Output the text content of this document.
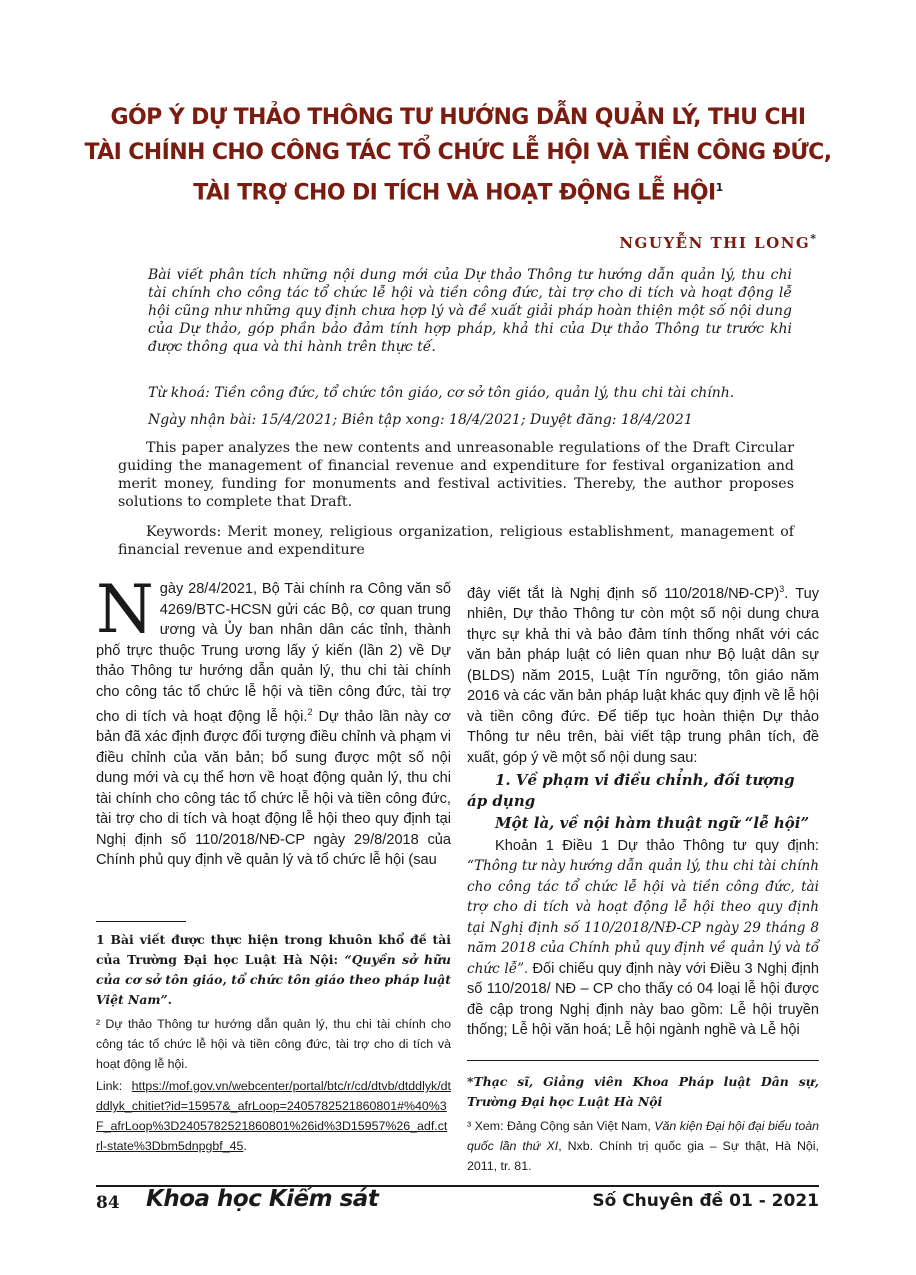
GÓP Ý DỰ THẢO THÔNG TƯ HƯỚNG DẪN QUẢN LÝ, THU CHI
TÀI CHÍNH CHO CÔNG TÁC TỔ CHỨC LỄ HỘI VÀ TIỀN CÔNG ĐỨC,
TÀI TRỢ CHO DI TÍCH VÀ HOẠT ĐỘNG LỄ HỘI$^1$
NGUYỄN THI LONG*

Bài viết phân tích những nội dung mới của Dự thảo Thông tư hướng dẫn quản lý, thu chi tài chính cho công tác tổ chức lễ hội và tiền công đức, tài trợ cho di tích và hoạt động lễ hội cũng như những quy định chưa hợp lý và đề xuất giải pháp hoàn thiện một số nội dung của Dự thảo, góp phần bảo đảm tính hợp pháp, khả thi của Dự thảo Thông tư trước khi được thông qua và thi hành trên thực tế.

Từ khoá: Tiền công đức, tổ chức tôn giáo, cơ sở tôn giáo, quản lý, thu chi tài chính.

Ngày nhận bài: 15/4/2021; Biên tập xong: 18/4/2021; Duyệt đăng: 18/4/2021

This paper analyzes the new contents and unreasonable regulations of the Draft Circular guiding the management of financial revenue and expenditure for festival organization and merit money, funding for monuments and festival activities. Thereby, the author proposes solutions to complete that Draft.

Keywords: Merit money, religious organization, religious establishment, management of financial revenue and expenditure

Ngày 28/4/2021, Bộ Tài chính ra Công văn số 4269/BTC-HCSN gửi các Bộ, cơ quan trung ương và Ủy ban nhân dân các tỉnh, thành phố trực thuộc Trung ương lấy ý kiến (lần 2) về Dự thảo Thông tư hướng dẫn quản lý, thu chi tài chính cho công tác tổ chức lễ hội và tiền công đức, tài trợ cho di tích và hoạt động lễ hội.$^2$ Dự thảo lần này cơ bản đã xác định được đối tượng điều chỉnh và phạm vi điều chỉnh của văn bản; bổ sung được một số nội dung mới và cụ thể hơn về hoạt động quản lý, thu chi tài chính cho công tác tổ chức lễ hội và tiền công đức, tài trợ cho di tích và hoạt động lễ hội theo quy định tại Nghị định số 110/2018/NĐ-CP ngày 29/8/2018 của Chính phủ quy định về quản lý và tổ chức lễ hội (sau

đây viết tắt là Nghị định số 110/2018/NĐ-CP)$^3$. Tuy nhiên, Dự thảo Thông tư còn một số nội dung chưa thực sự khả thi và bảo đảm tính thống nhất với các văn bản pháp luật có liên quan như Bộ luật dân sự (BLDS) năm 2015, Luật Tín ngưỡng, tôn giáo năm 2016 và các văn bản pháp luật khác quy định về lễ hội và tiền công đức. Để tiếp tục hoàn thiện Dự thảo Thông tư nêu trên, bài viết tập trung phân tích, đề xuất, góp ý về một số nội dung sau:

1. Về phạm vi điều chỉnh, đối tượng áp dụng

Một là, về nội hàm thuật ngữ “lễ hội”

Khoản 1 Điều 1 Dự thảo Thông tư quy định: “Thông tư này hướng dẫn quản lý, thu chi tài chính cho công tác tổ chức lễ hội và tiền công đức, tài trợ cho di tích và hoạt động lễ hội theo quy định tại Nghị định số 110/2018/NĐ-CP ngày 29 tháng 8 năm 2018 của Chính phủ quy định về quản lý và tổ chức lễ”. Đối chiếu quy định này với Điều 3 Nghị định số 110/2018/ NĐ – CP cho thấy có 04 loại lễ hội được đề cập trong Nghị định này bao gồm: Lễ hội truyền thống; Lễ hội văn hoá; Lễ hội ngành nghề và Lễ hội

1 Bài viết được thực hiện trong khuôn khổ đề tài của Trường Đại học Luật Hà Nội: “Quyền sở hữu của cơ sở tôn giáo, tổ chức tôn giáo theo pháp luật Việt Nam”.

² Dự thảo Thông tư hướng dẫn quản lý, thu chi tài chính cho công tác tổ chức lễ hội và tiền công đức, tài trợ cho di tích và hoạt động lễ hội.

Link: https://mof.gov.vn/webcenter/portal/btc/r/cd/dtvb/dtddlyk/dtddlyk_chitiet?id=15957&_afrLoop=2405782521860801#%40%3F_afrLoop%3D2405782521860801%26id%3D15957%26_adf.ctrl-state%3Dbm5dnpgbf_45.

*Thạc sĩ, Giảng viên Khoa Pháp luật Dân sự, Trường Đại học Luật Hà Nội

³ Xem: Đảng Cộng sản Việt Nam, Văn kiện Đại hội đại biểu toàn quốc lần thứ XI, Nxb. Chính trị quốc gia – Sự thật, Hà Nội, 2011, tr. 81.

84 Khoa học Kiểm sát	Số Chuyên đề 01 - 2021
